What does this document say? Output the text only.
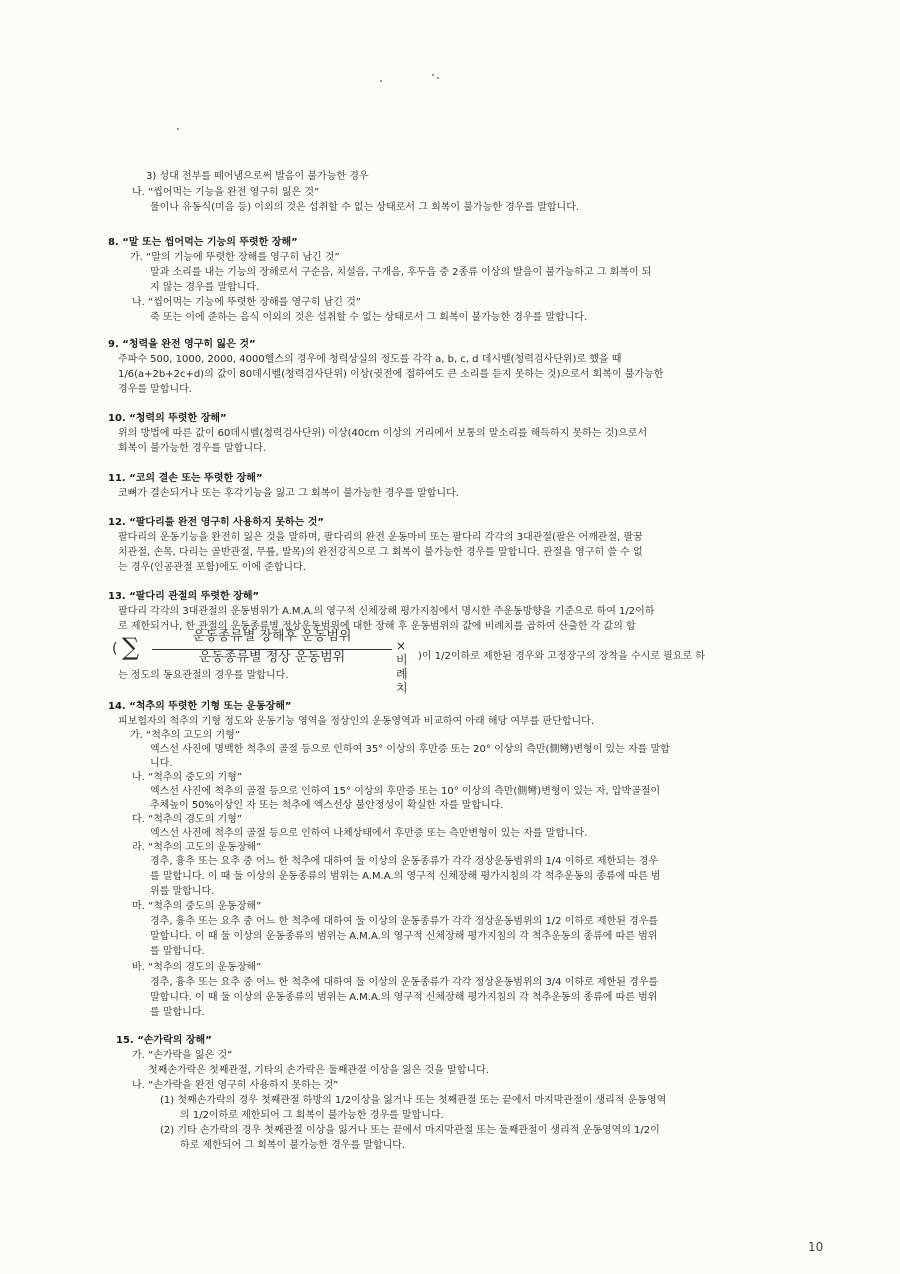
3) 성대 전부를 떼어냄으로써 발음이 불가능한 경우
나. “씹어먹는 기능을 완전 영구히 잃은 것”
물이나 유동식(미음 등) 이외의 것은 섭취할 수 없는 상태로서 그 회복이 불가능한 경우를 말합니다.
8. “말 또는 씹어먹는 기능의 뚜렷한 장해”
가. “말의 기능에 뚜렷한 장해를 영구히 남긴 것”
말과 소리를 내는 기능의 장해로서 구순음, 치설음, 구개음, 후두음 중 2종류 이상의 발음이 불가능하고 그 회복이 되
지 않는 경우를 말합니다.
나. “씹어먹는 기능에 뚜렷한 장해를 영구히 남긴 것”
죽 또는 이에 준하는 음식 이외의 것은 섭취할 수 없는 상태로서 그 회복이 불가능한 경우를 말합니다.
9. “청력을 완전 영구히 잃은 것”
주파수 500, 1000, 2000, 4000헬스의 경우에 청력상실의 정도를 각각 a, b, c, d 데시벨(청력검사단위)로 했을 때
1/6(a+2b+2c+d)의 값이 80데시벨(청력검사단위) 이상(귓전에 접하여도 큰 소리를 듣지 못하는 것)으로서 회복이 불가능한
경우를 말합니다.
10. “청력의 뚜렷한 장해”
위의 방법에 따른 값이 60데시벨(청력검사단위) 이상(40cm 이상의 거리에서 보통의 말소리를 해득하지 못하는 것)으로서
회복이 불가능한 경우를 말합니다.
11. “코의 결손 또는 뚜렷한 장해”
코뼈가 결손되거나 또는 후각기능을 잃고 그 회복이 불가능한 경우를 말합니다.
12. “팔다리를 완전 영구히 사용하지 못하는 것”
팔다리의 운동기능을 완전히 잃은 것을 말하며, 팔다리의 완전 운동마비 또는 팔다리 각각의 3대관절(팔은 어깨관절, 팔꿈
치관절, 손목, 다리는 골반관절, 무릎, 발목)의 완전강직으로 그 회복이 불가능한 경우를 말합니다. 관절을 영구히 쓸 수 없
는 경우(인공관절 포함)에도 이에 준합니다.
13. “팔다리 관절의 뚜렷한 장해”
팔다리 각각의 3대관절의 운동범위가 A.M.A.의 영구적 신체장해 평가지침에서 명시한 주운동방향을 기준으로 하여 1/2이하
로 제한되거나, 한 관절의 운동종류별 정상운동범위에 대한 장해 후 운동범위의 값에 비례치를 곱하여 산출한 각 값의 합
)이 1/2이하로 제한된 경우와 고정장구의 장착을 수시로 필요로 하
는 정도의 동요관절의 경우를 말합니다.
14. “척추의 뚜렷한 기형 또는 운동장해”
피보험자의 척추의 기형 정도와 운동기능 영역을 정상인의 운동영역과 비교하여 아래 해당 여부를 판단합니다.
가. “척추의 고도의 기형”
엑스선 사진에 명백한 척추의 골절 등으로 인하여 35° 이상의 후만증 또는 20° 이상의 측만(側彎)변형이 있는 자를 말합
니다.
나. “척추의 중도의 기형”
엑스선 사진에 척추의 골절 등으로 인하여 15° 이상의 후만증 또는 10° 이상의 측만(側彎)변형이 있는 자, 압박골절이
추체높이 50%이상인 자 또는 척추에 엑스선상 불안정성이 확실한 자를 말합니다.
다. “척추의 경도의 기형”
엑스선 사진에 척추의 골절 등으로 인하여 나체상태에서 후만증 또는 측만변형이 있는 자를 말합니다.
라. “척추의 고도의 운동장해”
경추, 흉추 또는 요추 중 어느 한 척추에 대하여 둘 이상의 운동종류가 각각 정상운동범위의 1/4 이하로 제한되는 경우
를 말합니다. 이 때 둘 이상의 운동종류의 범위는 A.M.A.의 영구적 신체장해 평가지침의 각 척추운동의 종류에 따른 범
위를 말합니다.
마. “척추의 중도의 운동장해”
경추, 흉추 또는 요추 중 어느 한 척추에 대하여 둘 이상의 운동종류가 각각 정상운동범위의 1/2 이하로 제한된 경우를
말합니다. 이 때 둘 이상의 운동종류의 범위는 A.M.A.의 영구적 신체장해 평가지침의 각 척추운동의 종류에 따른 범위
를 말합니다.
바. “척추의 경도의 운동장해”
경추, 흉추 또는 요추 중 어느 한 척추에 대하여 둘 이상의 운동종류가 각각 정상운동범위의 3/4 이하로 제한된 경우를
말합니다. 이 때 둘 이상의 운동종류의 범위는 A.M.A.의 영구적 신체장해 평가지침의 각 척추운동의 종류에 따른 범위
를 말합니다.
15. “손가락의 장해”
가. “손가락을 잃은 것”
첫째손가락은 첫째관절, 기타의 손가락은 둘째관절 이상을 잃은 것을 말합니다.
나. “손가락을 완전 영구히 사용하지 못하는 것”
(1) 첫째손가락의 경우 첫째관절 하방의 1/2이상을 잃거나 또는 첫째관절 또는 끝에서 마지막관절이 생리적 운동영역
의 1/2이하로 제한되어 그 회복이 불가능한 경우를 말합니다.
(2) 기타 손가락의 경우 첫째관절 이상을 잃거나 또는 끝에서 마지막관절 또는 둘째관절이 생리적 운동영역의 1/2이
하로 제한되어 그 회복이 불가능한 경우를 말합니다.
( ∑	운동종류별 장해후 운동범위
운동종류별 정상 운동범위
×비례치
10
